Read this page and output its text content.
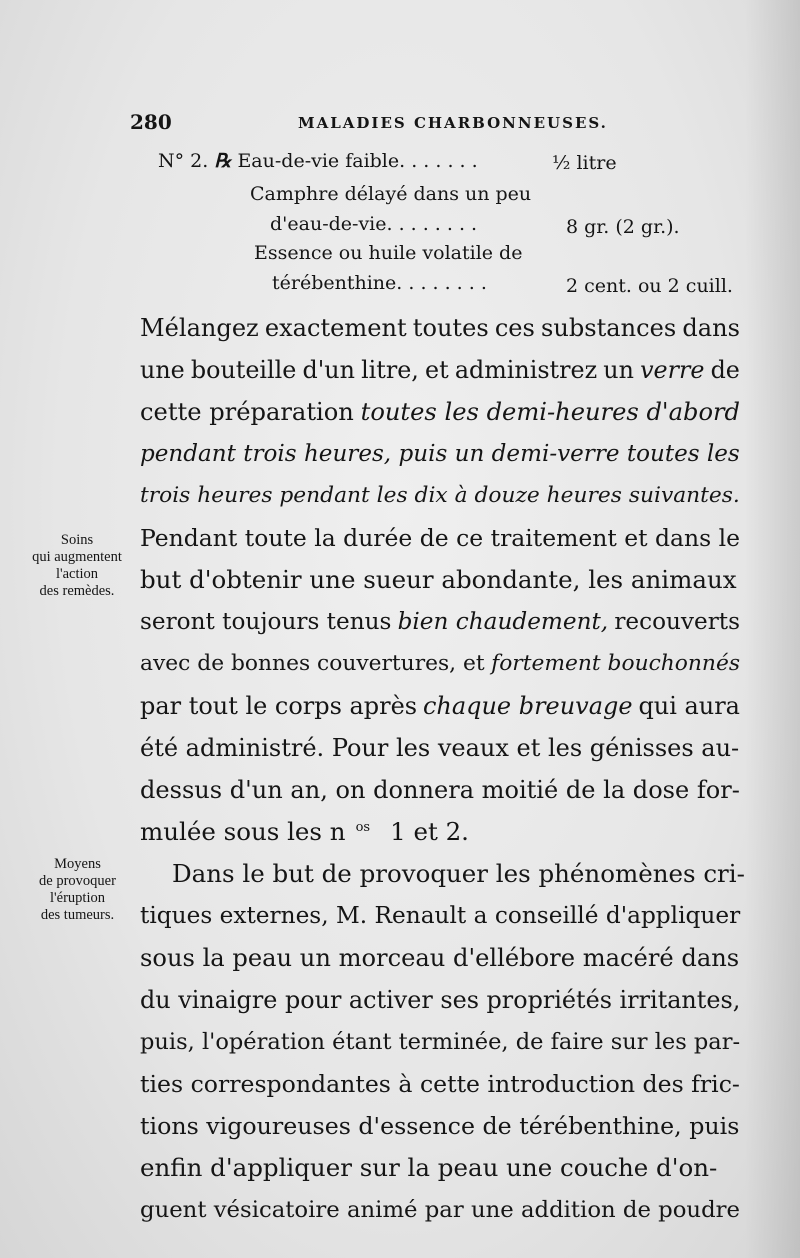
280	MALADIES CHARBONNEUSES.
N° 2. ℞ Eau-de-vie faible. . . . . . .	½ litre
Camphre délayé dans un peu
d'eau-de-vie. . . . . . . .	8 gr. (2 gr.).
Essence ou huile volatile de
térébenthine. . . . . . . .	2 cent. ou 2 cuill.
Soins
qui augmentent
l'action
des remèdes.
Moyens
de provoquer
l'éruption
des tumeurs.
Mélangez exactement toutes ces substances dans
une bouteille d'un litre, et administrez un verre de
cette préparation toutes les demi-heures d'abord
pendant trois heures, puis un demi-verre toutes les
trois heures pendant les dix à douze heures suivantes.
Pendant toute la durée de ce traitement et dans le
but d'obtenir une sueur abondante, les animaux
seront toujours tenus bien chaudement, recouverts
avec de bonnes couvertures, et fortement bouchonnés
par tout le corps après chaque breuvage qui aura
été administré. Pour les veaux et les génisses au-
dessus d'un an, on donnera moitié de la dose for-
mulée sous les n $^{os}$ 1 et 2.
Dans le but de provoquer les phénomènes cri-
tiques externes, M. Renault a conseillé d'appliquer
sous la peau un morceau d'ellébore macéré dans
du vinaigre pour activer ses propriétés irritantes,
puis, l'opération étant terminée, de faire sur les par-
ties correspondantes à cette introduction des fric-
tions vigoureuses d'essence de térébenthine, puis
enfin d'appliquer sur la peau une couche d'on-
guent vésicatoire animé par une addition de poudre
